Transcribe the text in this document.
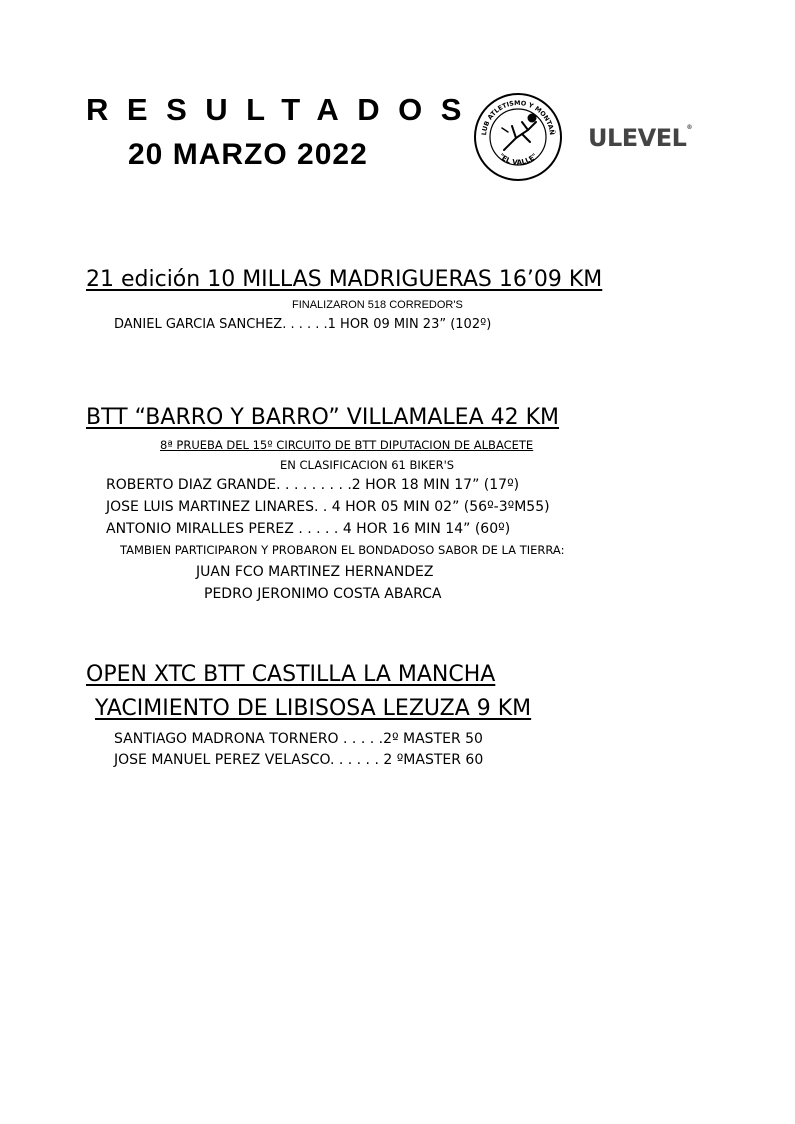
RESULTADOS
20 MARZO 2022
LUB ATLETISMO Y MONTAÑ
"EL VALLE"
ULEVEL®
21 edición 10 MILLAS MADRIGUERAS 16’09 KM
FINALIZARON 518 CORREDOR'S
DANIEL GARCIA SANCHEZ. . . . . .1 HOR 09 MIN 23” (102º)
BTT “BARRO Y BARRO” VILLAMALEA 42 KM
8ª PRUEBA DEL 15º CIRCUITO DE BTT DIPUTACION DE ALBACETE
EN CLASIFICACION 61 BIKER'S
ROBERTO DIAZ GRANDE. . . . . . . . .2 HOR 18 MIN 17” (17º)
JOSE LUIS MARTINEZ LINARES. . 4 HOR 05 MIN 02” (56º-3ºM55)
ANTONIO MIRALLES PEREZ . . . . . 4 HOR 16 MIN 14” (60º)
TAMBIEN PARTICIPARON Y PROBARON EL BONDADOSO SABOR DE LA TIERRA:
JUAN FCO MARTINEZ HERNANDEZ
PEDRO JERONIMO COSTA ABARCA
OPEN XTC BTT CASTILLA LA MANCHA
YACIMIENTO DE LIBISOSA LEZUZA 9 KM
SANTIAGO MADRONA TORNERO . . . . .2º MASTER 50
JOSE MANUEL PEREZ VELASCO. . . . . . 2 ºMASTER 60
